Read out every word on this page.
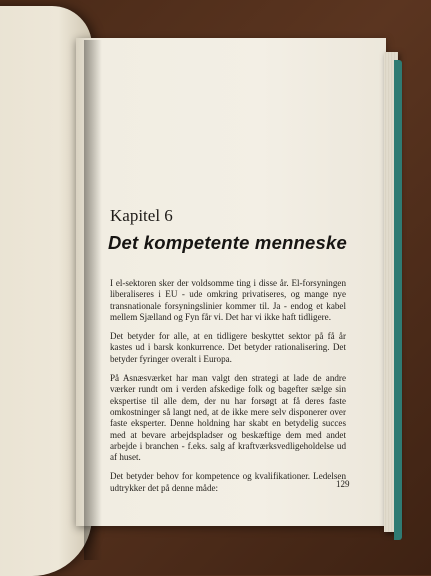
Kapitel 6
Det kompetente menneske

I el-sektoren sker der voldsomme ting i disse år. El-forsyningen liberaliseres i EU - ude omkring privatiseres, og mange nye transnationale forsyningslinier kommer til. Ja - endog et kabel mellem Sjælland og Fyn får vi. Det har vi ikke haft tidligere.

Det betyder for alle, at en tidligere beskyttet sektor på få år kastes ud i barsk konkurrence. Det betyder rationalisering. Det betyder fyringer overalt i Europa.

På Asnæsværket har man valgt den strategi at lade de andre værker rundt om i verden afskedige folk og bagefter sælge sin ekspertise til alle dem, der nu har forsøgt at få deres faste omkostninger så langt ned, at de ikke mere selv disponerer over faste eksperter. Denne holdning har skabt en betydelig succes med at bevare arbejdspladser og beskæftige dem med andet arbejde i branchen - f.eks. salg af kraftværksvedligeholdelse ud af huset.

Det betyder behov for kompetence og kvalifikationer. Ledelsen udtrykker det på denne måde:	129
